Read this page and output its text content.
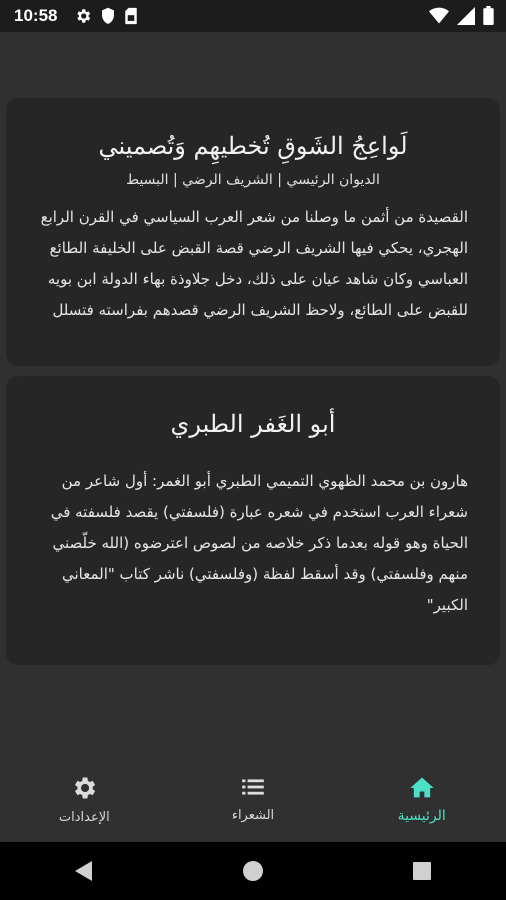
10:58
لَواعِجُ الشَوقِ تُخطيهِم وَتُصميني
الديوان الرئيسي | الشريف الرضي | البسيط
القصيدة من أثمن ما وصلنا من شعر العرب السياسي في القرن الرابع الهجري، يحكي فيها الشريف الرضي قصة القبض على الخليفة الطائع العباسي وكان شاهد عيان على ذلك، دخل جلاوذة بهاء الدولة ابن بويه للقبض على الطائع، ولاحظ الشريف الرضي قصدهم بفراسته فتسلل
أبو الغَفر الطبري
هارون بن محمد الظهوي التميمي الطبري أبو الغمر: أول شاعر من شعراء العرب استخدم في شعره عبارة (فلسفتي) يقصد فلسفته في الحياة وهو قوله بعدما ذكر خلاصه من لصوص اعترضوه (الله خلّصني منهم وفلسفتي) وقد أسقط لفظة (وفلسفتي) ناشر كتاب "المعاني الكبير"
الإعدادات	الشعراء	الرئيسية
